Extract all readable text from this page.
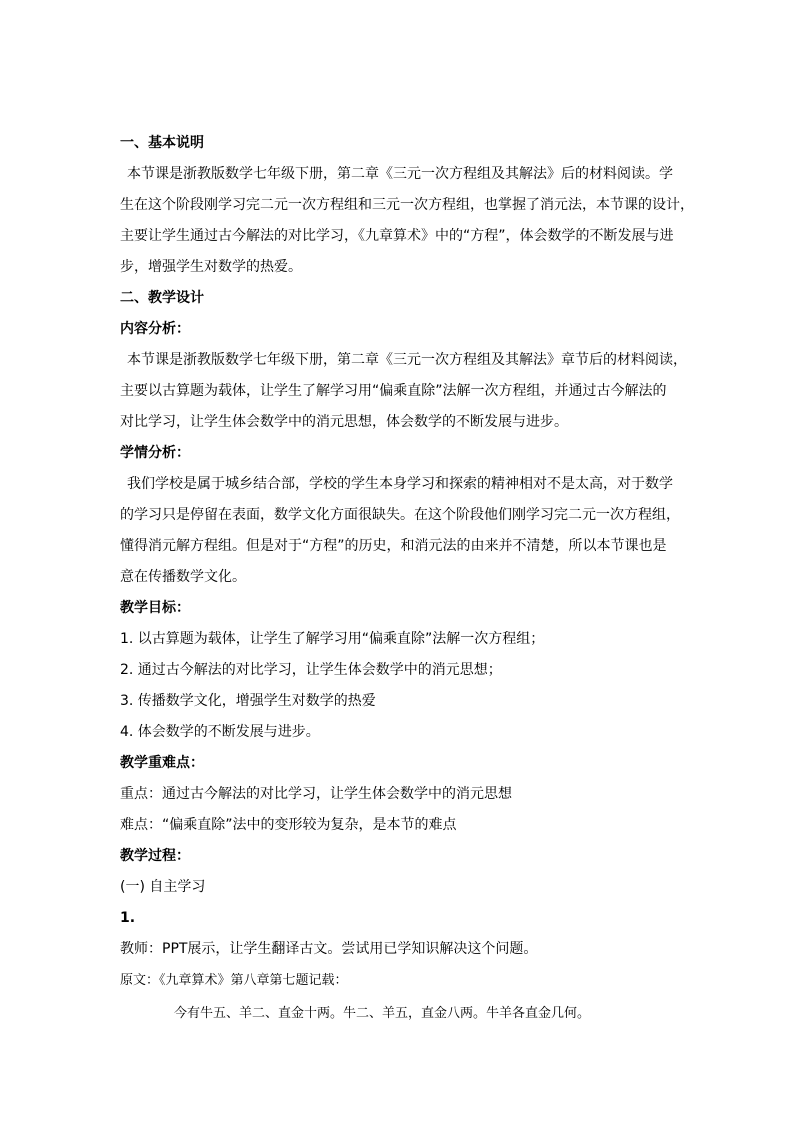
一、基本说明
本节课是浙教版数学七年级下册，第二章《三元一次方程组及其解法》后的材料阅读。学
生在这个阶段刚学习完二元一次方程组和三元一次方程组，也掌握了消元法，本节课的设计，
主要让学生通过古今解法的对比学习，《九章算术》中的“方程”，体会数学的不断发展与进
步，增强学生对数学的热爱。
二、教学设计
内容分析：
本节课是浙教版数学七年级下册，第二章《三元一次方程组及其解法》章节后的材料阅读，
主要以古算题为载体，让学生了解学习用“偏乘直除”法解一次方程组，并通过古今解法的
对比学习，让学生体会数学中的消元思想，体会数学的不断发展与进步。
学情分析：
我们学校是属于城乡结合部，学校的学生本身学习和探索的精神相对不是太高，对于数学
的学习只是停留在表面，数学文化方面很缺失。在这个阶段他们刚学习完二元一次方程组，
懂得消元解方程组。但是对于“方程”的历史，和消元法的由来并不清楚，所以本节课也是
意在传播数学文化。
教学目标：
1. 以古算题为载体，让学生了解学习用“偏乘直除”法解一次方程组；
2. 通过古今解法的对比学习，让学生体会数学中的消元思想；
3. 传播数学文化，增强学生对数学的热爱
4. 体会数学的不断发展与进步。
教学重难点：
重点：通过古今解法的对比学习，让学生体会数学中的消元思想
难点：“偏乘直除”法中的变形较为复杂，是本节的难点
教学过程：
(一) 自主学习
1.
教师：PPT展示，让学生翻译古文。尝试用已学知识解决这个问题。
原文：《九章算术》第八章第七题记载：
今有牛五、羊二、直金十两。牛二、羊五，直金八两。牛羊各直金几何。
